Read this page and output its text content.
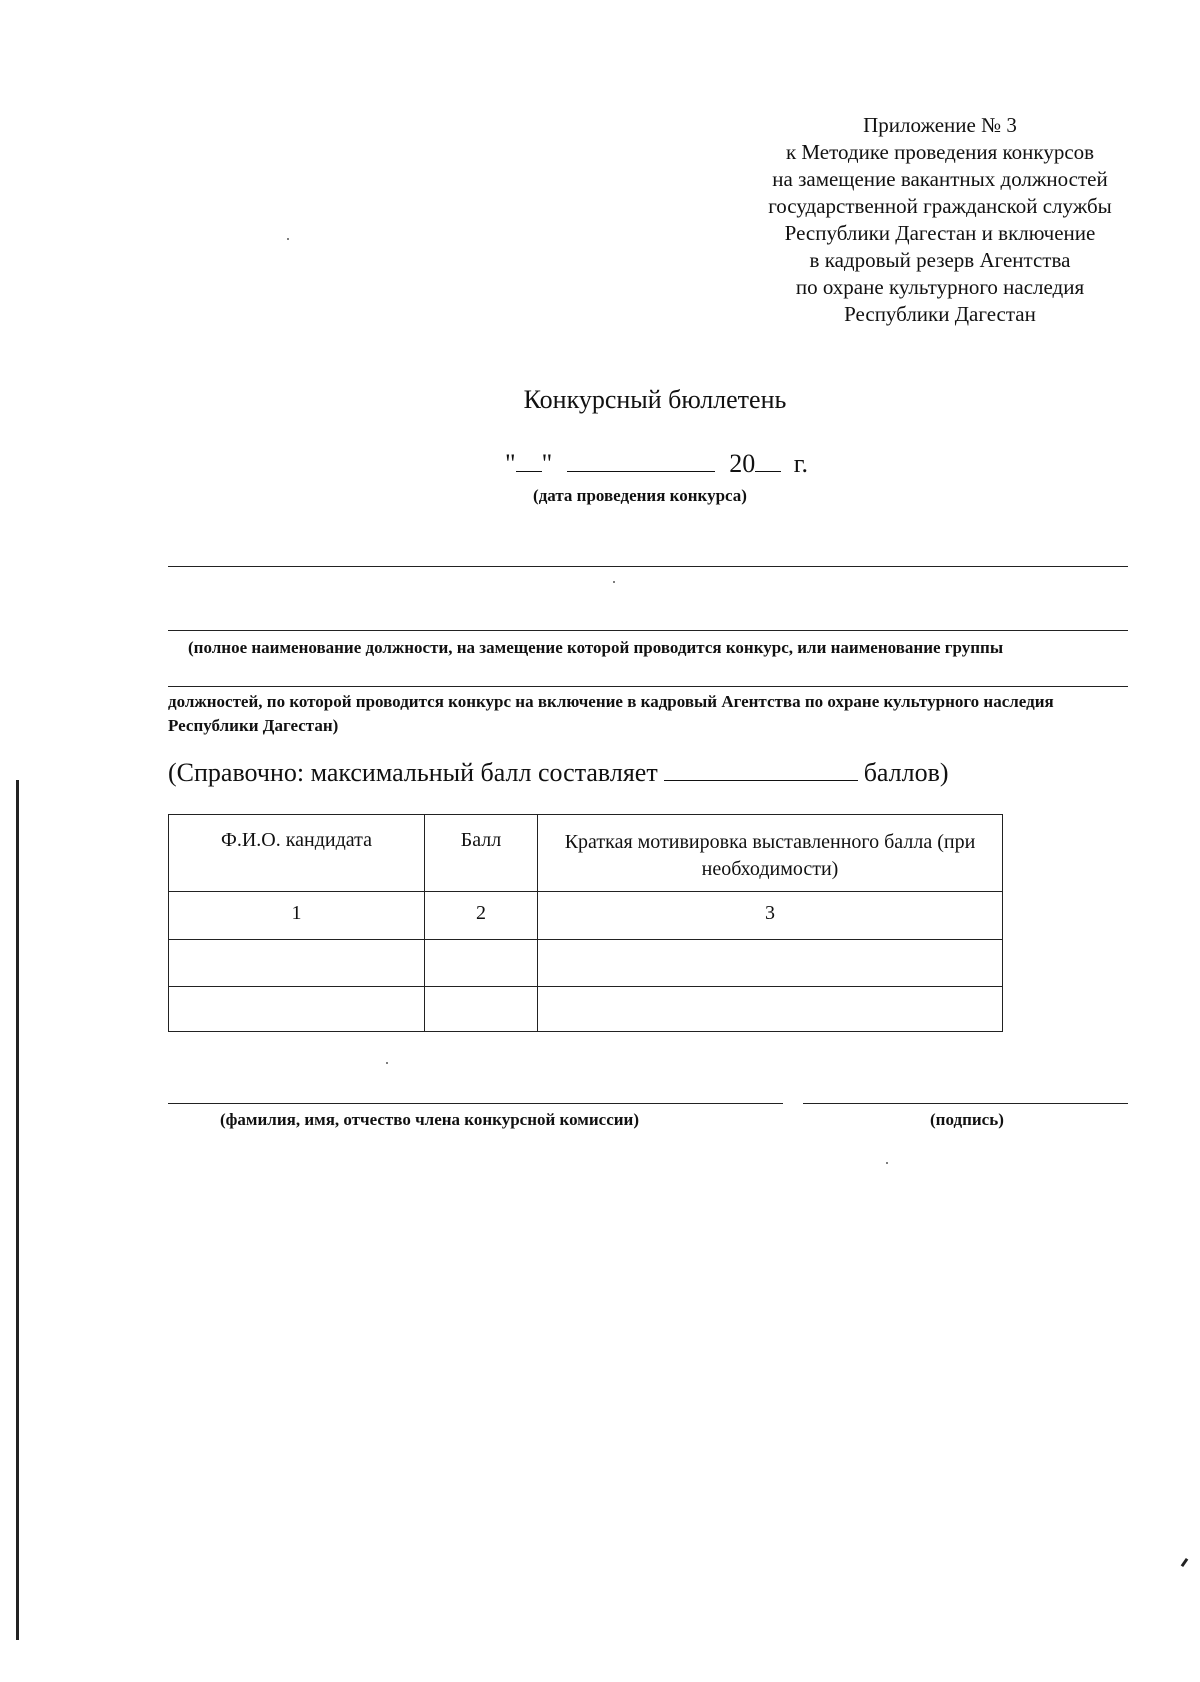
Приложение № 3
к Методике проведения конкурсов
на замещение вакантных должностей
государственной гражданской службы
Республики Дагестан и включение
в кадровый резерв Агентства
по охране культурного наследия
Республики Дагестан
Конкурсный бюллетень
" "	20 г.
(дата проведения конкурса)
(полное наименование должности, на замещение которой проводится конкурс, или наименование группы
должностей, по которой проводится конкурс на включение в кадровый Агентства по охране культурного наследия
Республики Дагестан)
(Справочно: максимальный балл составляет	баллов)
Ф.И.О. кандидата	Балл	Краткая мотивировка выставленного балла (при необходимости)
1	2	3

(фамилия, имя, отчество члена конкурсной комиссии)	(подпись)
